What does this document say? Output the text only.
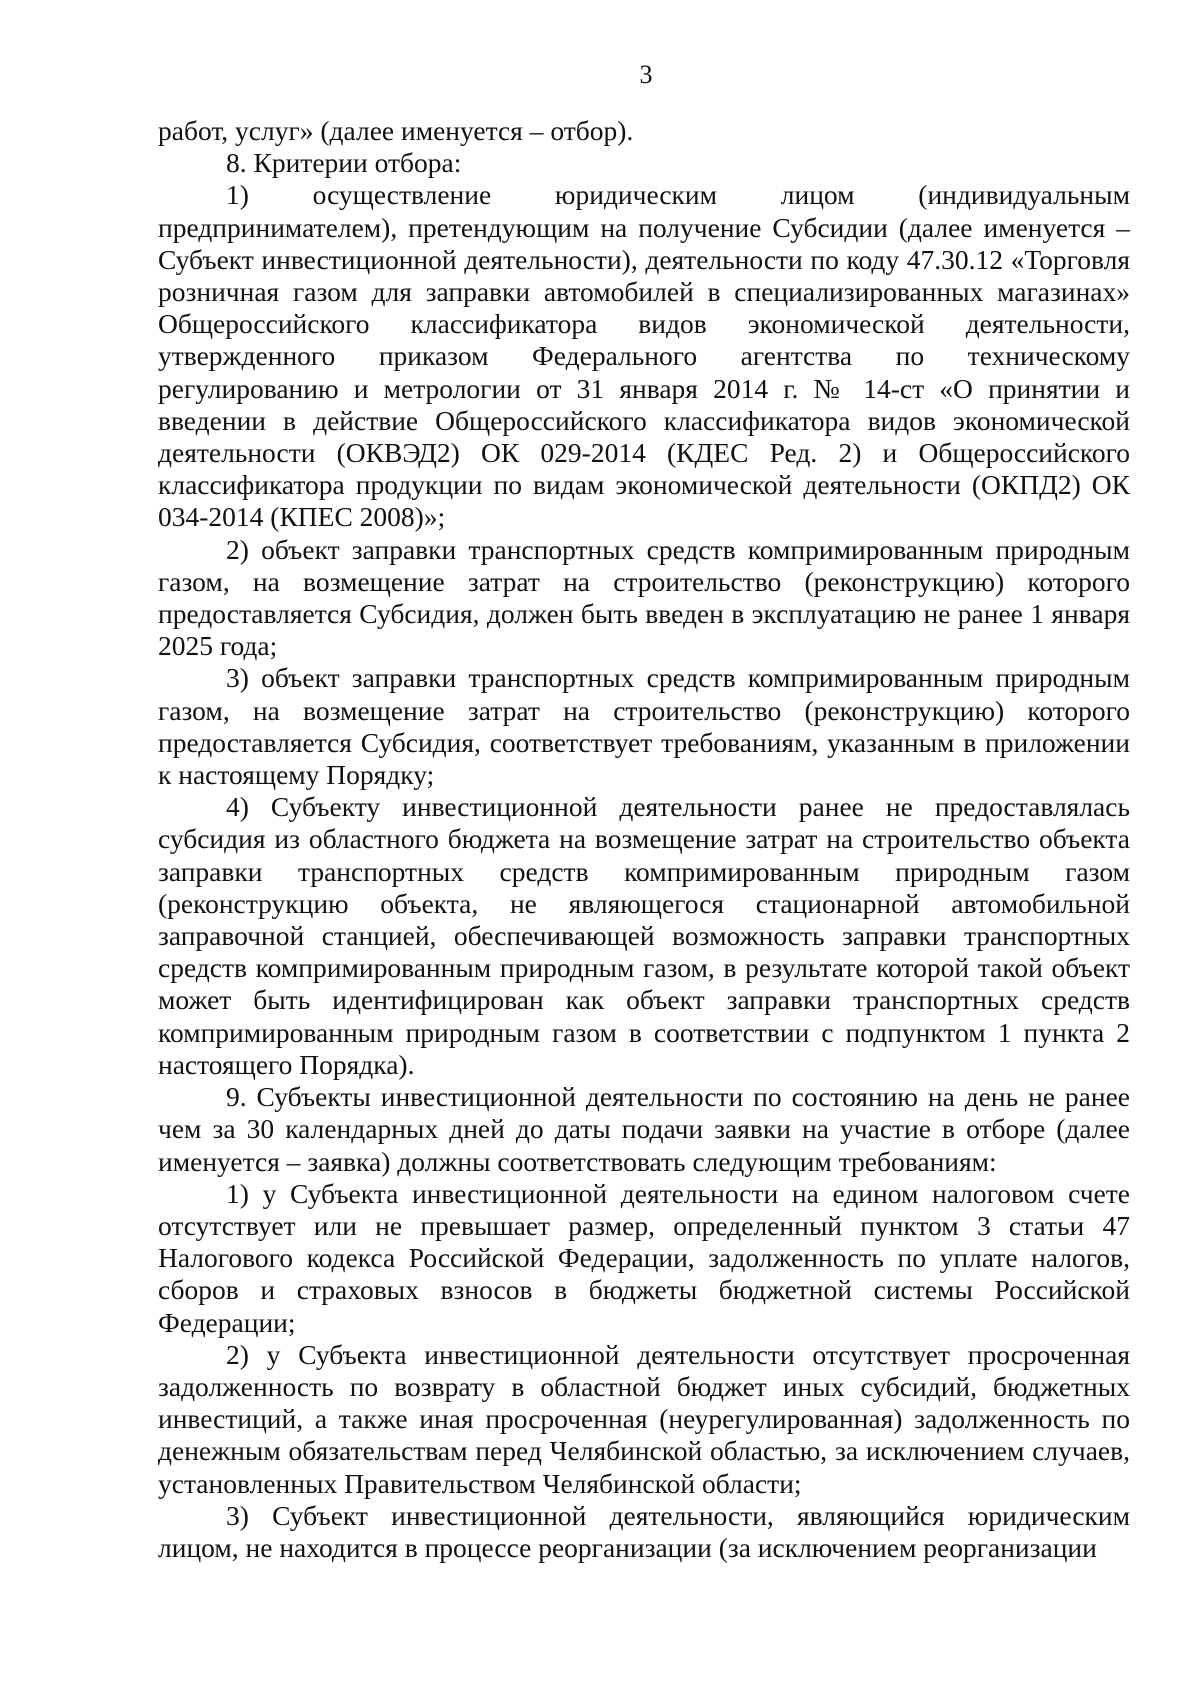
3

работ, услуг» (далее именуется – отбор).

8. Критерии отбора:

1) осуществление юридическим лицом (индивидуальным предпринимателем), претендующим на получение Субсидии (далее именуется – Субъект инвестиционной деятельности), деятельности по коду 47.30.12 «Торговля розничная газом для заправки автомобилей в специализированных магазинах» Общероссийского классификатора видов экономической деятельности, утвержденного приказом Федерального агентства по техническому регулированию и метрологии от 31 января 2014 г. № 14-ст «О принятии и введении в действие Общероссийского классификатора видов экономической деятельности (ОКВЭД2) ОК 029-2014 (КДЕС Ред. 2) и Общероссийского классификатора продукции по видам экономической деятельности (ОКПД2) ОК 034-2014 (КПЕС 2008)»;

2) объект заправки транспортных средств компримированным природным газом, на возмещение затрат на строительство (реконструкцию) которого предоставляется Субсидия, должен быть введен в эксплуатацию не ранее 1 января 2025 года;

3) объект заправки транспортных средств компримированным природным газом, на возмещение затрат на строительство (реконструкцию) которого предоставляется Субсидия, соответствует требованиям, указанным в приложении к настоящему Порядку;

4) Субъекту инвестиционной деятельности ранее не предоставлялась субсидия из областного бюджета на возмещение затрат на строительство объекта заправки транспортных средств компримированным природным газом (реконструкцию объекта, не являющегося стационарной автомобильной заправочной станцией, обеспечивающей возможность заправки транспортных средств компримированным природным газом, в результате которой такой объект может быть идентифицирован как объект заправки транспортных средств компримированным природным газом в соответствии с подпунктом 1 пункта 2 настоящего Порядка).

9. Субъекты инвестиционной деятельности по состоянию на день не ранее чем за 30 календарных дней до даты подачи заявки на участие в отборе (далее именуется – заявка) должны соответствовать следующим требованиям:

1) у Субъекта инвестиционной деятельности на едином налоговом счете отсутствует или не превышает размер, определенный пунктом 3 статьи 47 Налогового кодекса Российской Федерации, задолженность по уплате налогов, сборов и страховых взносов в бюджеты бюджетной системы Российской Федерации;

2) у Субъекта инвестиционной деятельности отсутствует просроченная задолженность по возврату в областной бюджет иных субсидий, бюджетных инвестиций, а также иная просроченная (неурегулированная) задолженность по денежным обязательствам перед Челябинской областью, за исключением случаев, установленных Правительством Челябинской области;

3) Субъект инвестиционной деятельности, являющийся юридическим лицом, не находится в процессе реорганизации (за исключением реорганизации
